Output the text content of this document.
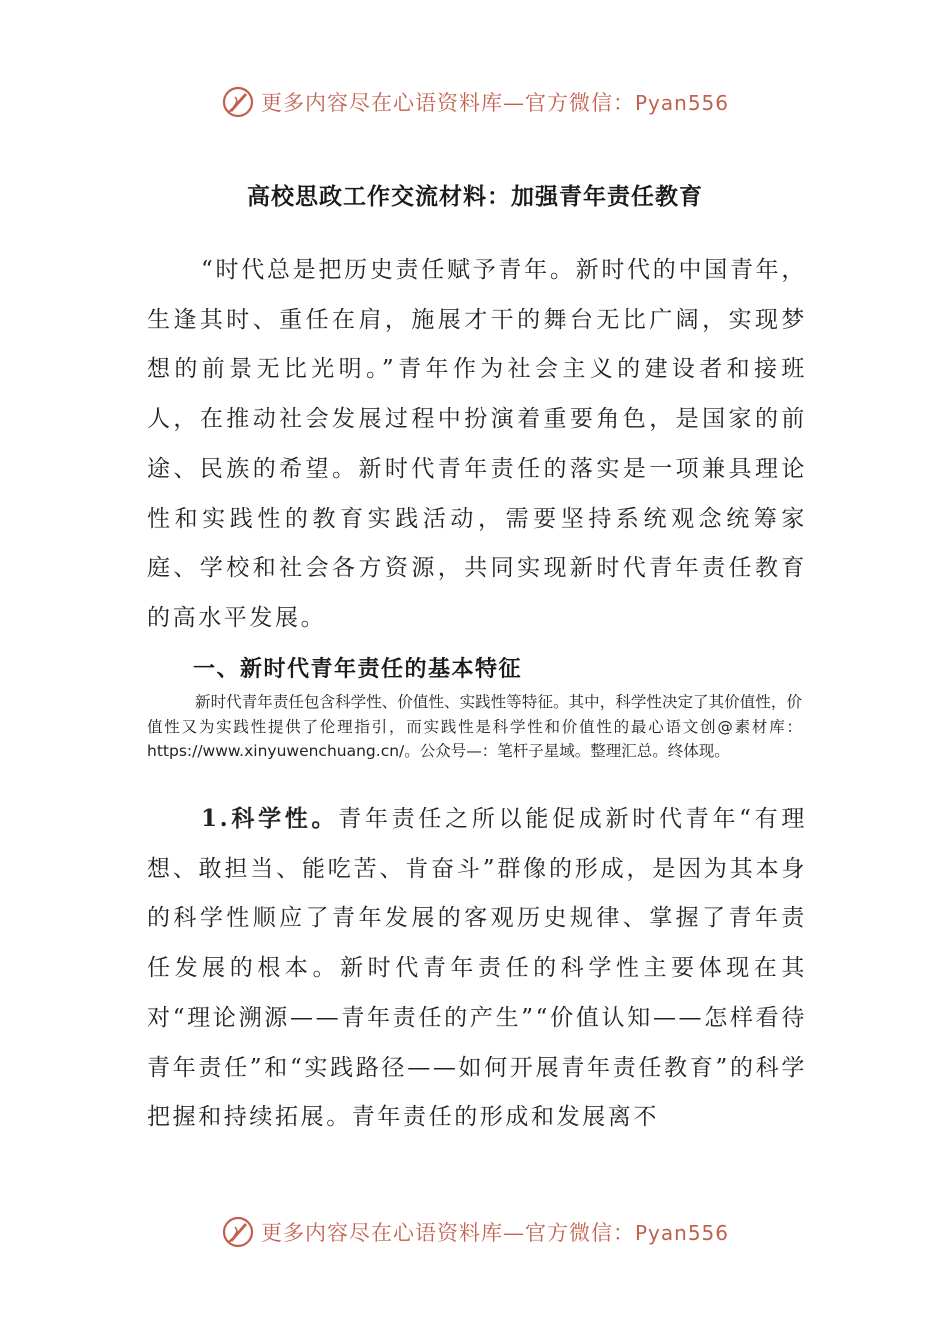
更多内容尽在心语资料库—官方微信：Pyan556
高校思政工作交流材料：加强青年责任教育

“时代总是把历史责任赋予青年。新时代的中国青年，生逢其时、重任在肩，施展才干的舞台无比广阔，实现梦想的前景无比光明。”青年作为社会主义的建设者和接班人，在推动社会发展过程中扮演着重要角色，是国家的前途、民族的希望。新时代青年责任的落实是一项兼具理论性和实践性的教育实践活动，需要坚持系统观念统筹家庭、学校和社会各方资源，共同实现新时代青年责任教育的高水平发展。

一、新时代青年责任的基本特征

新时代青年责任包含科学性、价值性、实践性等特征。其中，科学性决定了其价值性，价值性又为实践性提供了伦理指引，而实践性是科学性和价值性的最心语文创@素材库：https://www.xinyuwenchuang.cn/。公众号—：笔杆子星域。整理汇总。终体现。

1.科学性。青年责任之所以能促成新时代青年“有理想、敢担当、能吃苦、肯奋斗”群像的形成，是因为其本身的科学性顺应了青年发展的客观历史规律、掌握了青年责任发展的根本。新时代青年责任的科学性主要体现在其对“理论溯源——青年责任的产生”“价值认知——怎样看待青年责任”和“实践路径——如何开展青年责任教育”的科学把握和持续拓展。青年责任的形成和发展离不

更多内容尽在心语资料库—官方微信：Pyan556
